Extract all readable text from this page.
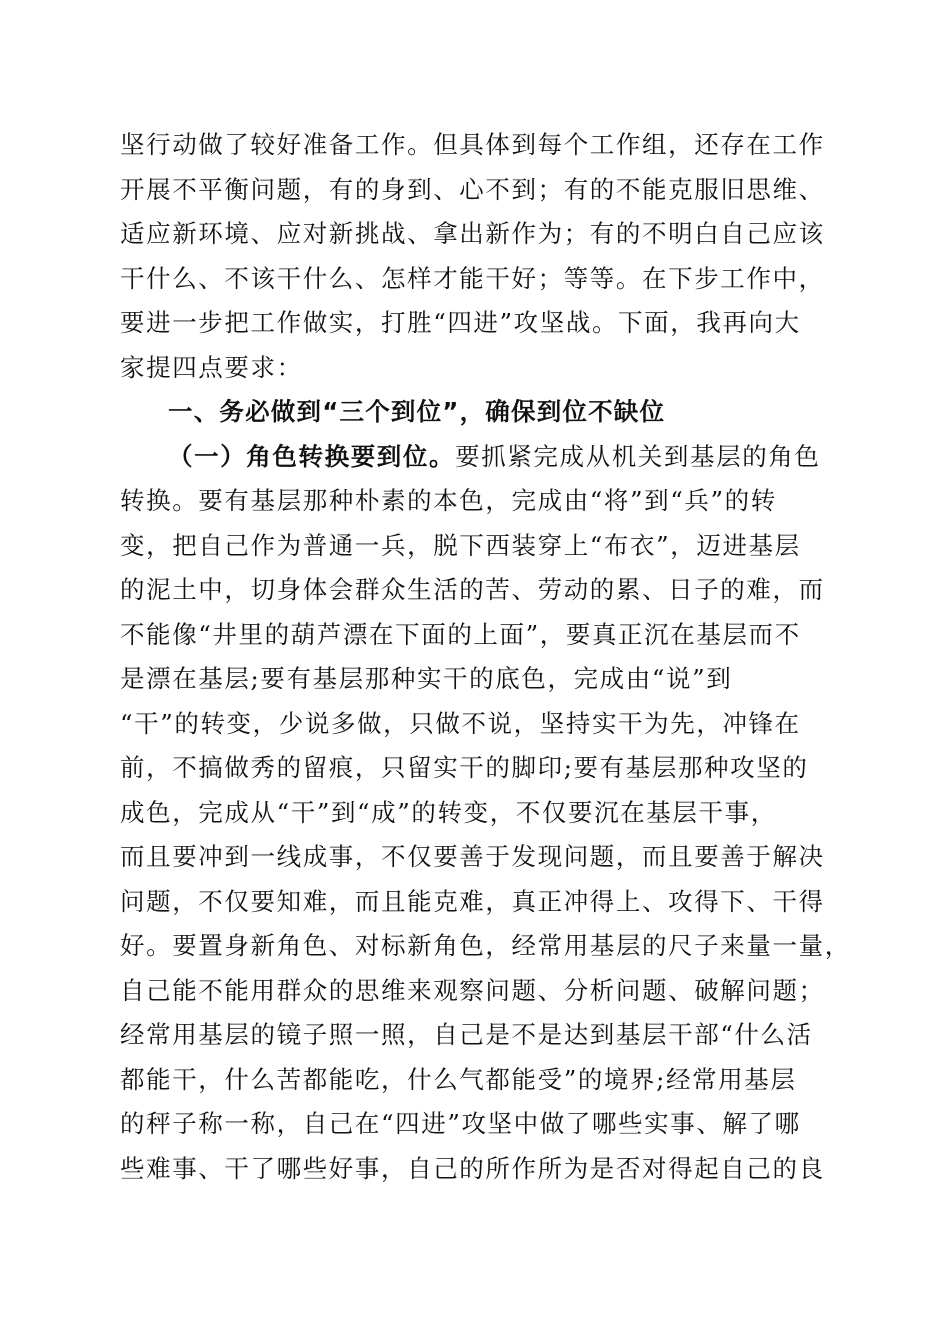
坚行动做了较好准备工作。但具体到每个工作组，还存在工作
开展不平衡问题，有的身到、心不到；有的不能克服旧思维、
适应新环境、应对新挑战、拿出新作为；有的不明白自己应该
干什么、不该干什么、怎样才能干好；等等。在下步工作中，
要进一步把工作做实，打胜“四进”攻坚战。下面，我再向大
家提四点要求：
一、务必做到“三个到位”，确保到位不缺位
（一）角色转换要到位。要抓紧完成从机关到基层的角色
转换。要有基层那种朴素的本色，完成由“将”到“兵”的转
变，把自己作为普通一兵，脱下西装穿上“布衣”，迈进基层
的泥土中，切身体会群众生活的苦、劳动的累、日子的难，而
不能像“井里的葫芦漂在下面的上面”，要真正沉在基层而不
是漂在基层;要有基层那种实干的底色，完成由“说”到
“干”的转变，少说多做，只做不说，坚持实干为先，冲锋在
前，不搞做秀的留痕，只留实干的脚印;要有基层那种攻坚的
成色，完成从“干”到“成”的转变，不仅要沉在基层干事，
而且要冲到一线成事，不仅要善于发现问题，而且要善于解决
问题，不仅要知难，而且能克难，真正冲得上、攻得下、干得
好。要置身新角色、对标新角色，经常用基层的尺子来量一量，
自己能不能用群众的思维来观察问题、分析问题、破解问题；
经常用基层的镜子照一照，自己是不是达到基层干部“什么活
都能干，什么苦都能吃，什么气都能受”的境界;经常用基层
的秤子称一称，自己在“四进”攻坚中做了哪些实事、解了哪
些难事、干了哪些好事，自己的所作所为是否对得起自己的良
